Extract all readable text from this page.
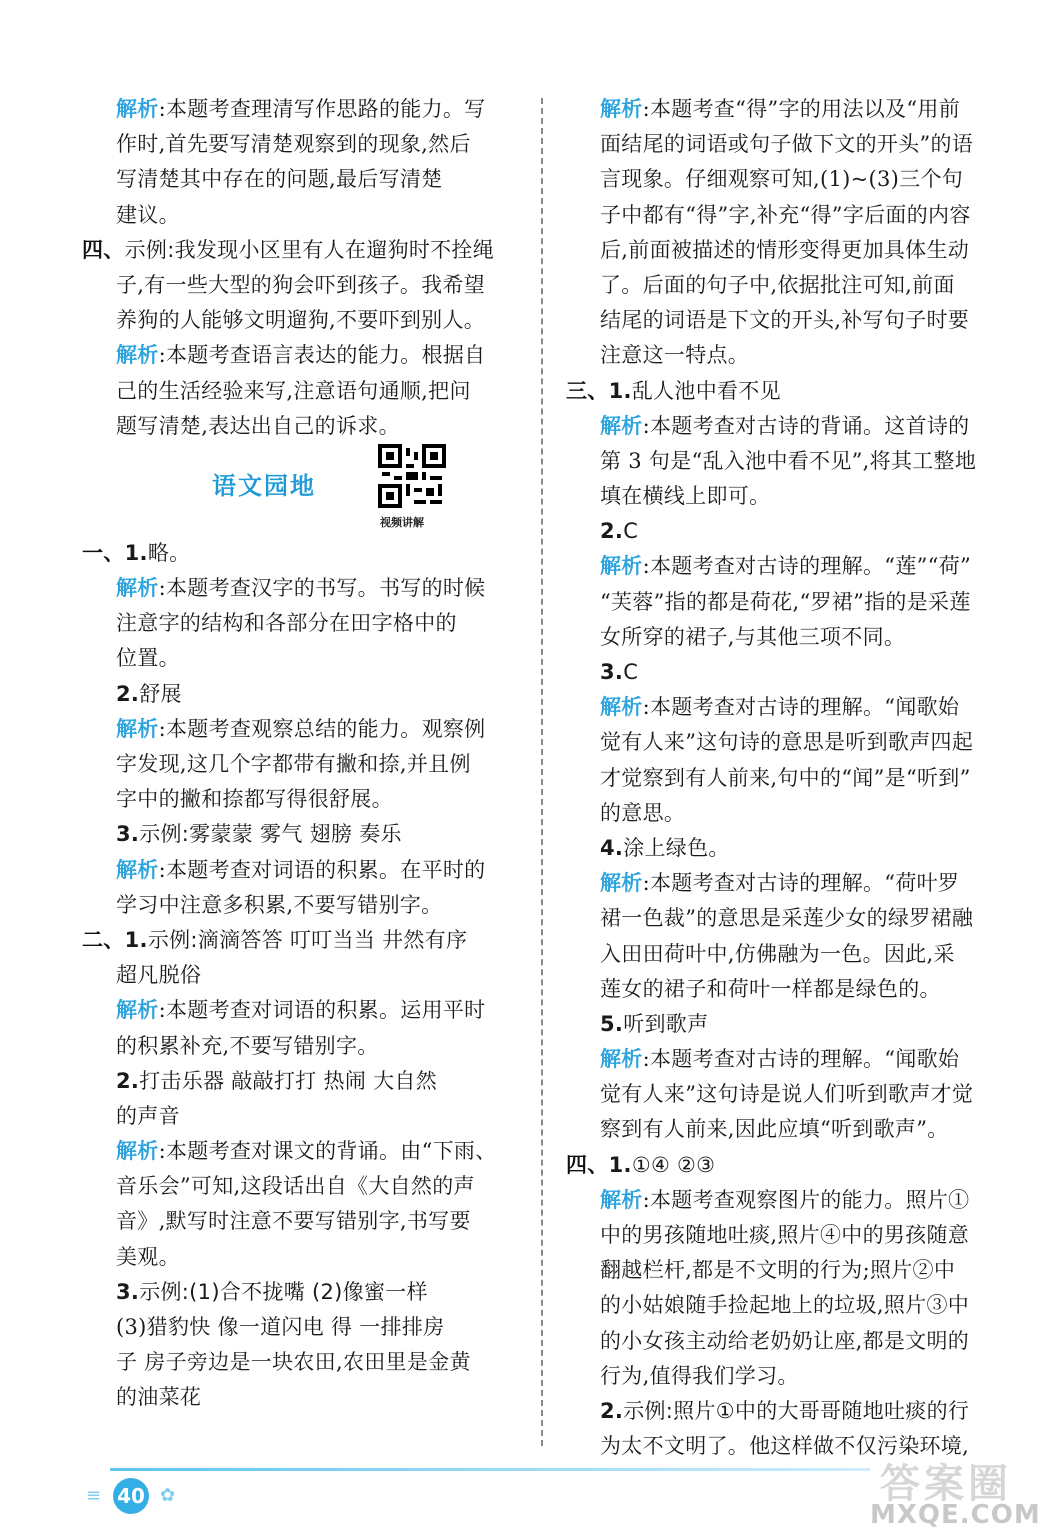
解析:本题考查理清写作思路的能力。写
作时,首先要写清楚观察到的现象,然后
写清楚其中存在的问题,最后写清楚
建议。
四、示例:我发现小区里有人在遛狗时不拴绳
子,有一些大型的狗会吓到孩子。我希望
养狗的人能够文明遛狗,不要吓到别人。
解析:本题考查语言表达的能力。根据自
己的生活经验来写,注意语句通顺,把问
题写清楚,表达出自己的诉求。
语文园地
视频讲解
一、1.略。
解析:本题考查汉字的书写。书写的时候
注意字的结构和各部分在田字格中的
位置。
2.舒展
解析:本题考查观察总结的能力。观察例
字发现,这几个字都带有撇和捺,并且例
字中的撇和捺都写得很舒展。
3.示例:雾蒙蒙 雾气 翅膀 奏乐
解析:本题考查对词语的积累。在平时的
学习中注意多积累,不要写错别字。
二、1.示例:滴滴答答 叮叮当当 井然有序
超凡脱俗
解析:本题考查对词语的积累。运用平时
的积累补充,不要写错别字。
2.打击乐器 敲敲打打 热闹 大自然
的声音
解析:本题考查对课文的背诵。由“下雨、
音乐会”可知,这段话出自《大自然的声
音》,默写时注意不要写错别字,书写要
美观。
3.示例:(1)合不拢嘴 (2)像蜜一样
(3)猎豹快 像一道闪电 得 一排排房
子 房子旁边是一块农田,农田里是金黄
的油菜花
解析:本题考查“得”字的用法以及“用前
面结尾的词语或句子做下文的开头”的语
言现象。仔细观察可知,(1)~(3)三个句
子中都有“得”字,补充“得”字后面的内容
后,前面被描述的情形变得更加具体生动
了。后面的句子中,依据批注可知,前面
结尾的词语是下文的开头,补写句子时要
注意这一特点。
三、1.乱人池中看不见
解析:本题考查对古诗的背诵。这首诗的
第 3 句是“乱入池中看不见”,将其工整地
填在横线上即可。
2.C
解析:本题考查对古诗的理解。“莲”“荷”
“芙蓉”指的都是荷花,“罗裙”指的是采莲
女所穿的裙子,与其他三项不同。
3.C
解析:本题考查对古诗的理解。“闻歌始
觉有人来”这句诗的意思是听到歌声四起
才觉察到有人前来,句中的“闻”是“听到”
的意思。
4.涂上绿色。
解析:本题考查对古诗的理解。“荷叶罗
裙一色裁”的意思是采莲少女的绿罗裙融
入田田荷叶中,仿佛融为一色。因此,采
莲女的裙子和荷叶一样都是绿色的。
5.听到歌声
解析:本题考查对古诗的理解。“闻歌始
觉有人来”这句诗是说人们听到歌声才觉
察到有人前来,因此应填“听到歌声”。
四、1.①④ ②③
解析:本题考查观察图片的能力。照片①
中的男孩随地吐痰,照片④中的男孩随意
翻越栏杆,都是不文明的行为;照片②中
的小姑娘随手捡起地上的垃圾,照片③中
的小女孩主动给老奶奶让座,都是文明的
行为,值得我们学习。
2.示例:照片①中的大哥哥随地吐痰的行
为太不文明了。他这样做不仅污染环境,
≡ 40 ✿	答案圈
MXQE.COM
